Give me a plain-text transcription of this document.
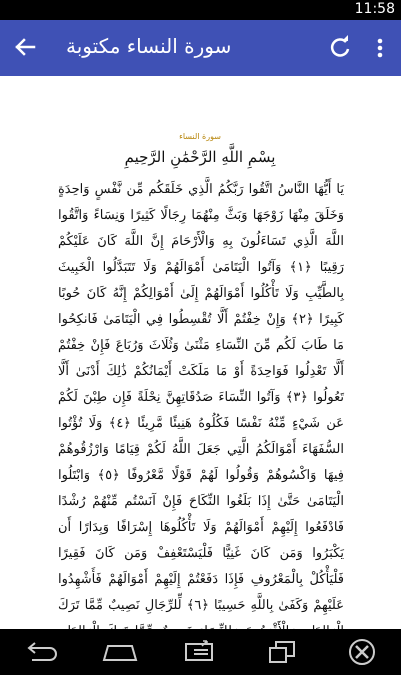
11:58
سورة النساء مكتوبة
سورة النساء
بِسْمِ اللَّهِ الرَّحْمَٰنِ الرَّحِيمِ
يَا أَيُّهَا النَّاسُ اتَّقُوا رَبَّكُمُ الَّذِي خَلَقَكُم مِّن نَّفْسٍ وَاحِدَةٍ وَخَلَقَ مِنْهَا زَوْجَهَا وَبَثَّ مِنْهُمَا رِجَالًا كَثِيرًا وَنِسَاءً وَاتَّقُوا اللَّهَ الَّذِي تَسَاءَلُونَ بِهِ وَالْأَرْحَامَ إِنَّ اللَّهَ كَانَ عَلَيْكُمْ رَقِيبًا ﴿١﴾ وَآتُوا الْيَتَامَىٰ أَمْوَالَهُمْ وَلَا تَتَبَدَّلُوا الْخَبِيثَ بِالطَّيِّبِ وَلَا تَأْكُلُوا أَمْوَالَهُمْ إِلَىٰ أَمْوَالِكُمْ إِنَّهُ كَانَ حُوبًا كَبِيرًا ﴿٢﴾ وَإِنْ خِفْتُمْ أَلَّا تُقْسِطُوا فِي الْيَتَامَىٰ فَانكِحُوا مَا طَابَ لَكُم مِّنَ النِّسَاءِ مَثْنَىٰ وَثُلَاثَ وَرُبَاعَ فَإِنْ خِفْتُمْ أَلَّا تَعْدِلُوا فَوَاحِدَةً أَوْ مَا مَلَكَتْ أَيْمَانُكُمْ ذَٰلِكَ أَدْنَىٰ أَلَّا تَعُولُوا ﴿٣﴾ وَآتُوا النِّسَاءَ صَدُقَاتِهِنَّ نِحْلَةً فَإِن طِبْنَ لَكُمْ عَن شَيْءٍ مِّنْهُ نَفْسًا فَكُلُوهُ هَنِيئًا مَّرِيئًا ﴿٤﴾ وَلَا تُؤْتُوا السُّفَهَاءَ أَمْوَالَكُمُ الَّتِي جَعَلَ اللَّهُ لَكُمْ قِيَامًا وَارْزُقُوهُمْ فِيهَا وَاكْسُوهُمْ وَقُولُوا لَهُمْ قَوْلًا مَّعْرُوفًا ﴿٥﴾ وَابْتَلُوا الْيَتَامَىٰ حَتَّىٰ إِذَا بَلَغُوا النِّكَاحَ فَإِنْ آنَسْتُم مِّنْهُمْ رُشْدًا فَادْفَعُوا إِلَيْهِمْ أَمْوَالَهُمْ وَلَا تَأْكُلُوهَا إِسْرَافًا وَبِدَارًا أَن يَكْبَرُوا وَمَن كَانَ غَنِيًّا فَلْيَسْتَعْفِفْ وَمَن كَانَ فَقِيرًا فَلْيَأْكُلْ بِالْمَعْرُوفِ فَإِذَا دَفَعْتُمْ إِلَيْهِمْ أَمْوَالَهُمْ فَأَشْهِدُوا عَلَيْهِمْ وَكَفَىٰ بِاللَّهِ حَسِيبًا ﴿٦﴾ لِّلرِّجَالِ نَصِيبٌ مِّمَّا تَرَكَ
